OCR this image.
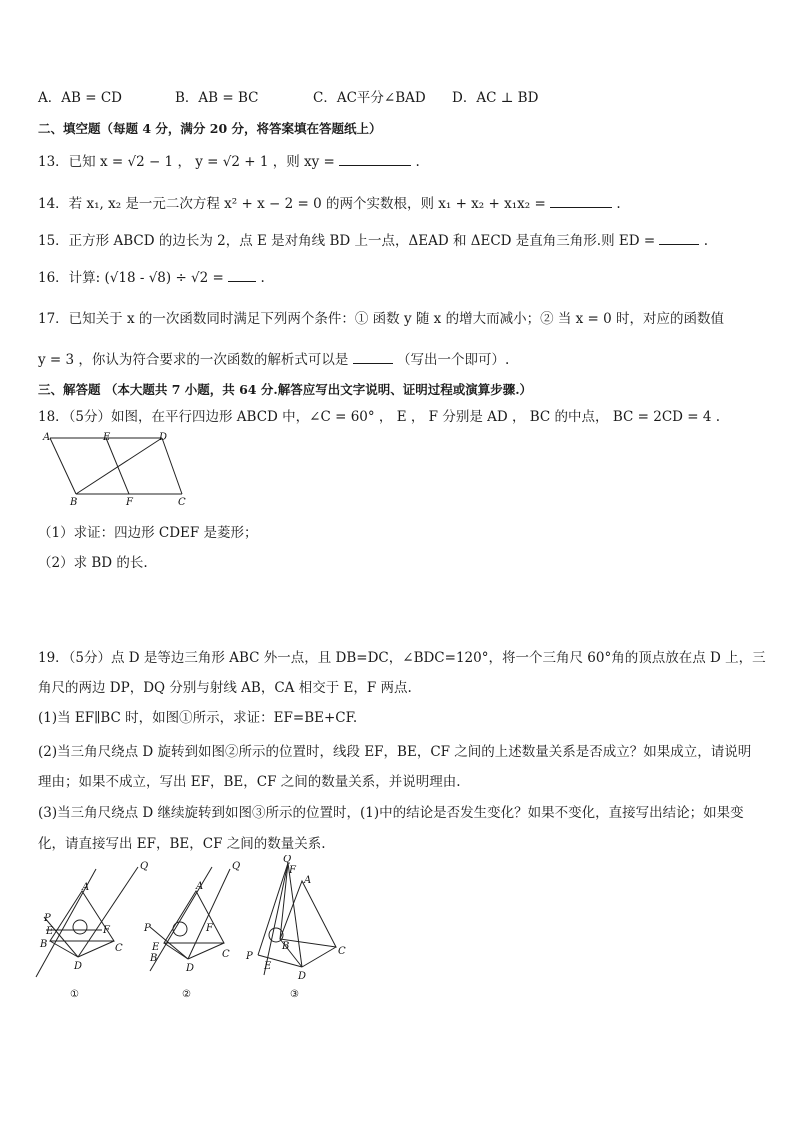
A．AB = CD	B．AB = BC	C．AC平分∠BAD D．AC ⊥ BD
二、填空题（每题 4 分，满分 20 分，将答案填在答题纸上）
13．已知 x = √2 − 1 ， y = √2 + 1 ，则 xy =	.
14．若 x₁, x₂ 是一元二次方程 x² + x − 2 = 0 的两个实数根，则 x₁ + x₂ + x₁x₂ =	.
15．正方形 ABCD 的边长为 2，点 E 是对角线 BD 上一点，ΔEAD 和 ΔECD 是直角三角形.则 ED =	.
16．计算: (√18 - √8) ÷ √2 =	.
17．已知关于 x 的一次函数同时满足下列两个条件：① 函数 y 随 x 的增大而减小；② 当 x = 0 时，对应的函数值
y = 3 ，你认为符合要求的一次函数的解析式可以是	（写出一个即可）.
三、解答题 （本大题共 7 小题，共 64 分.解答应写出文字说明、证明过程或演算步骤.）
18．（5分）如图，在平行四边形 ABCD 中，∠C = 60° ， E ， F 分别是 AD ， BC 的中点， BC = 2CD = 4 .
A	E	D
B	F	C
（1）求证：四边形 CDEF 是菱形；
（2）求 BD 的长.
19．（5分）点 D 是等边三角形 ABC 外一点，且 DB=DC，∠BDC=120°，将一个三角尺 60°角的顶点放在点 D 上，三
角尺的两边 DP，DQ 分别与射线 AB，CA 相交于 E，F 两点.
(1)当 EF∥BC 时，如图①所示，求证：EF=BE+CF.
(2)当三角尺绕点 D 旋转到如图②所示的位置时，线段 EF，BE，CF 之间的上述数量关系是否成立？如果成立，请说明
理由；如果不成立，写出 EF，BE，CF 之间的数量关系，并说明理由.
(3)当三角尺绕点 D 继续旋转到如图③所示的位置时，(1)中的结论是否发生变化？如果不变化，直接写出结论；如果变
化，请直接写出 EF，BE，CF 之间的数量关系.
Q
A
P
E	F
B	C
D
①
Q
A
P	F
E
B	C
D
②
Q
F
A
B	C
P
E
D
③
